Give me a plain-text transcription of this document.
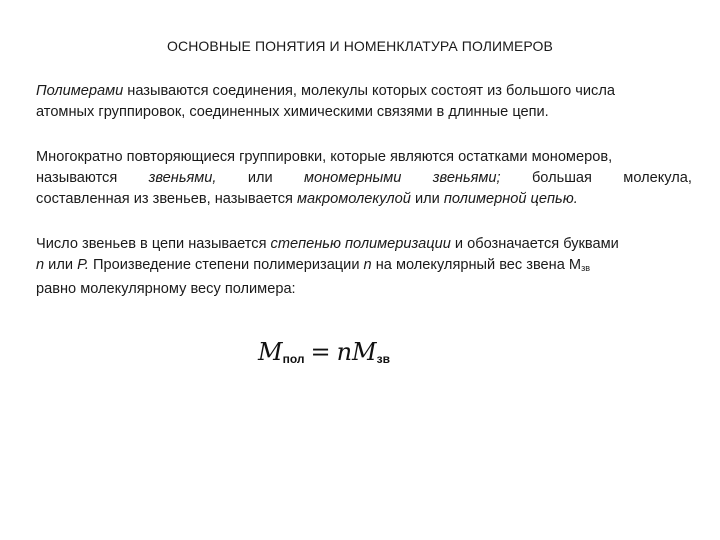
ОСНОВНЫЕ ПОНЯТИЯ И НОМЕНКЛАТУРА ПОЛИМЕРОВ
Полимерами называются соединения, молекулы которых состоят из большого числа
атомных группировок, соединенных химическими связями в длинные цепи.
Многократно повторяющиеся группировки, которые являются остатками мономеров,
называются звеньями, или мономерными звеньями; большая молекула,
составленная из звеньев, называется макромолекулой или полимерной цепью.
Число звеньев в цепи называется степенью полимеризации и обозначается буквами
n или P. Произведение степени полимеризации n на молекулярный вес звена $М_{зв}$
равно молекулярному весу полимера:
$M_{пол} = nM_{зв}$
